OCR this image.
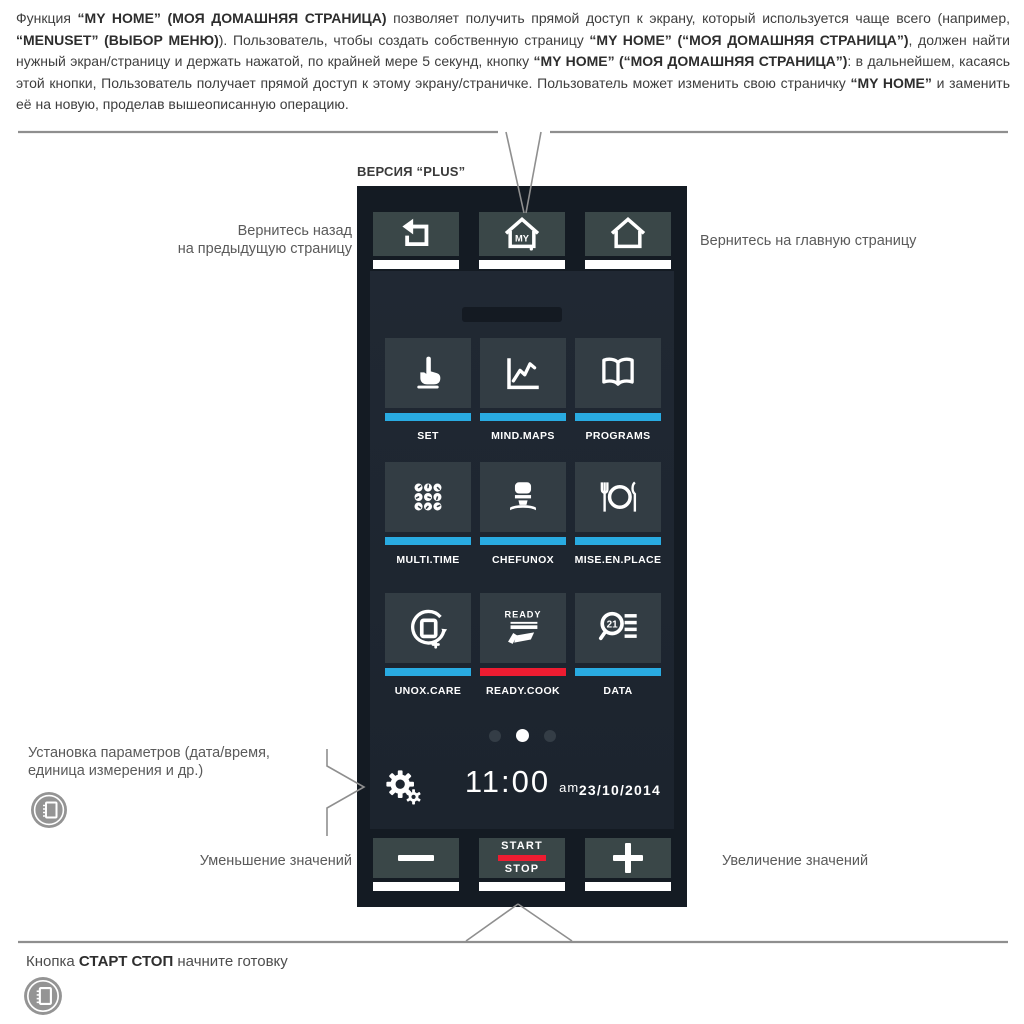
Функция “MY HOME” (МОЯ ДОМАШНЯЯ СТРАНИЦА) позволяет получить прямой доступ к экрану, который используется чаще всего (например, “MENUSET” (ВЫБОР МЕНЮ)). Пользователь, чтобы создать собственную страницу “MY HOME” (“МОЯ ДОМАШНЯЯ СТРАНИЦА”), должен найти нужный экран/страницу и держать нажатой, по крайней мере 5 секунд, кнопку “MY HOME” (“МОЯ ДОМАШНЯЯ СТРАНИЦА”): в дальнейшем, касаясь этой кнопки, Пользователь получает прямой доступ к этому экрану/страничке. Пользователь может изменить свою страничку “MY HOME” и заменить её на новую, проделав вышеописанную операцию.

ВЕРСИЯ “PLUS”
Вернитесь назад
на предыдущую страницу	Вернитесь на главную страницу
Установка параметров (дата/время,
единица измерения и др.)
Уменьшение значений	Увеличение значений
Кнопка СТАРТ СТОП начните готовку
MY
SET	MIND.MAPS	PROGRAMS
MULTI.TIME	CHEFUNOX MISE.EN.PLACE
UNOX.CARE
READY
READY.COOK
21
DATA
11:00 am 23/10/2014
START
STOP
